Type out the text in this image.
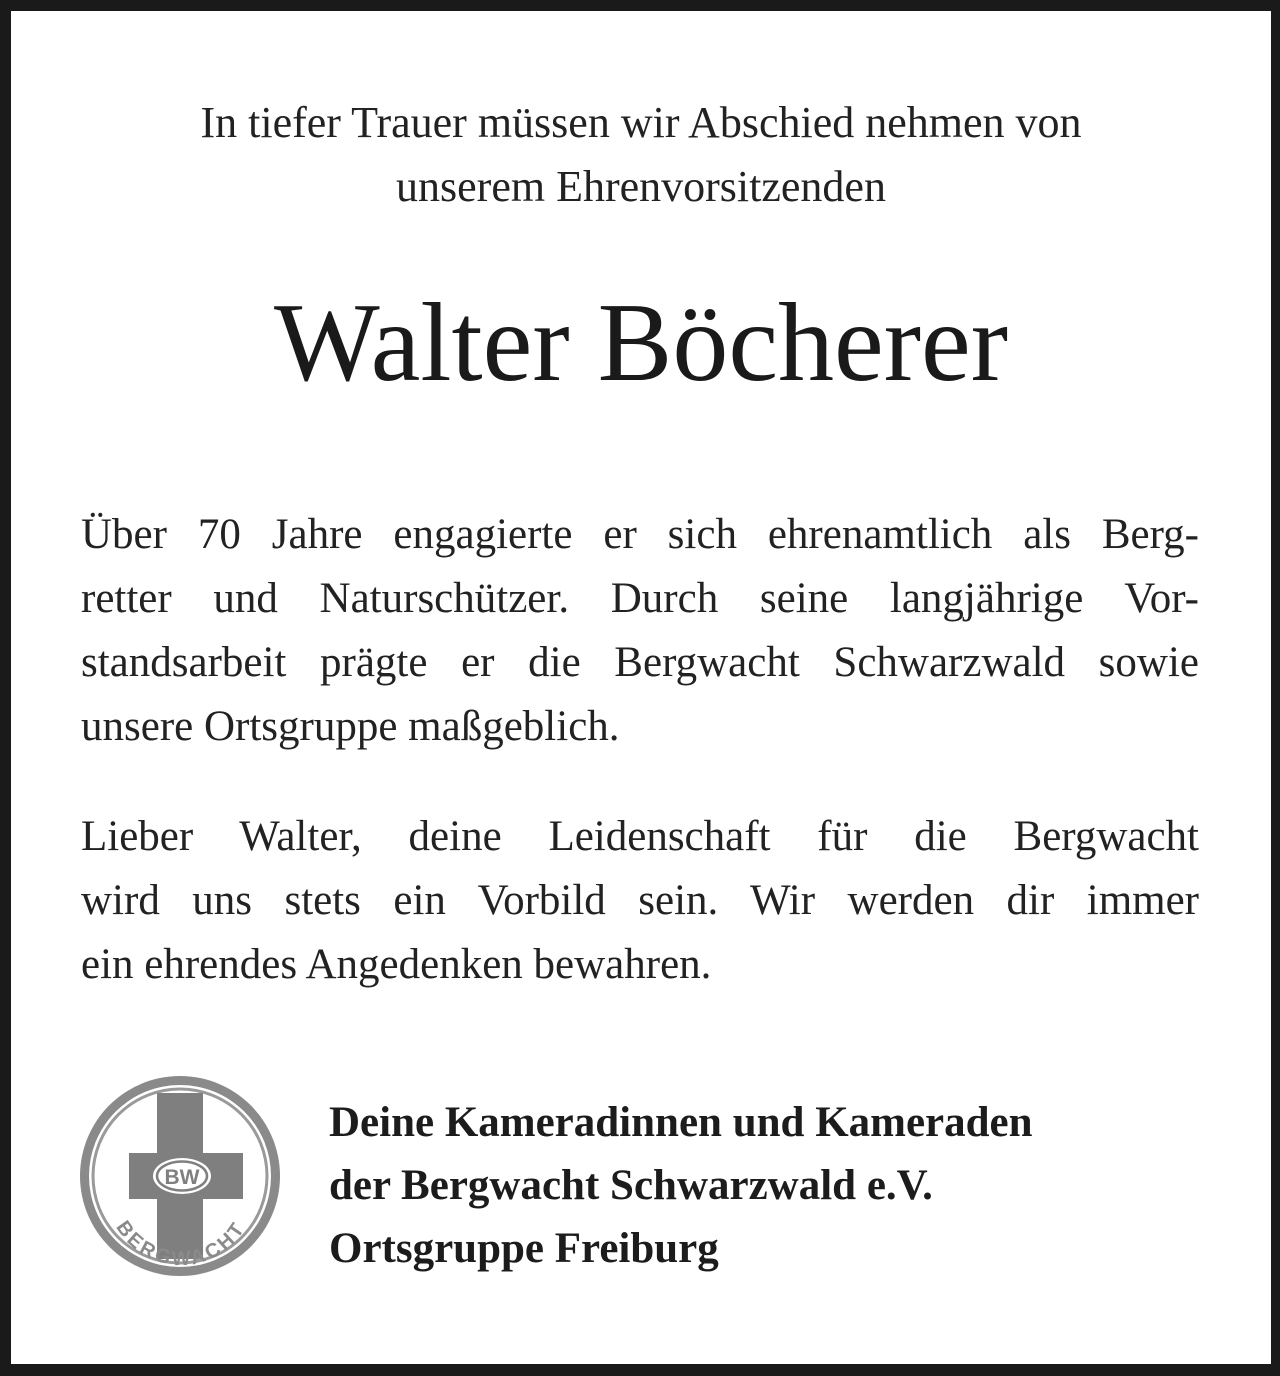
In tiefer Trauer müssen wir Abschied nehmen von
unserem Ehrenvorsitzenden
Walter Böcherer
Über 70 Jahre engagierte er sich ehrenamtlich als Berg-
retter und Naturschützer. Durch seine langjährige Vor-
standsarbeit prägte er die Bergwacht Schwarzwald sowie
unsere Ortsgruppe maßgeblich.
Lieber Walter, deine Leidenschaft für die Bergwacht
wird uns stets ein Vorbild sein. Wir werden dir immer
ein ehrendes Angedenken bewahren.
BW
BERGWACHT
Deine Kameradinnen und Kameraden
der Bergwacht Schwarzwald e.V.
Ortsgruppe Freiburg
